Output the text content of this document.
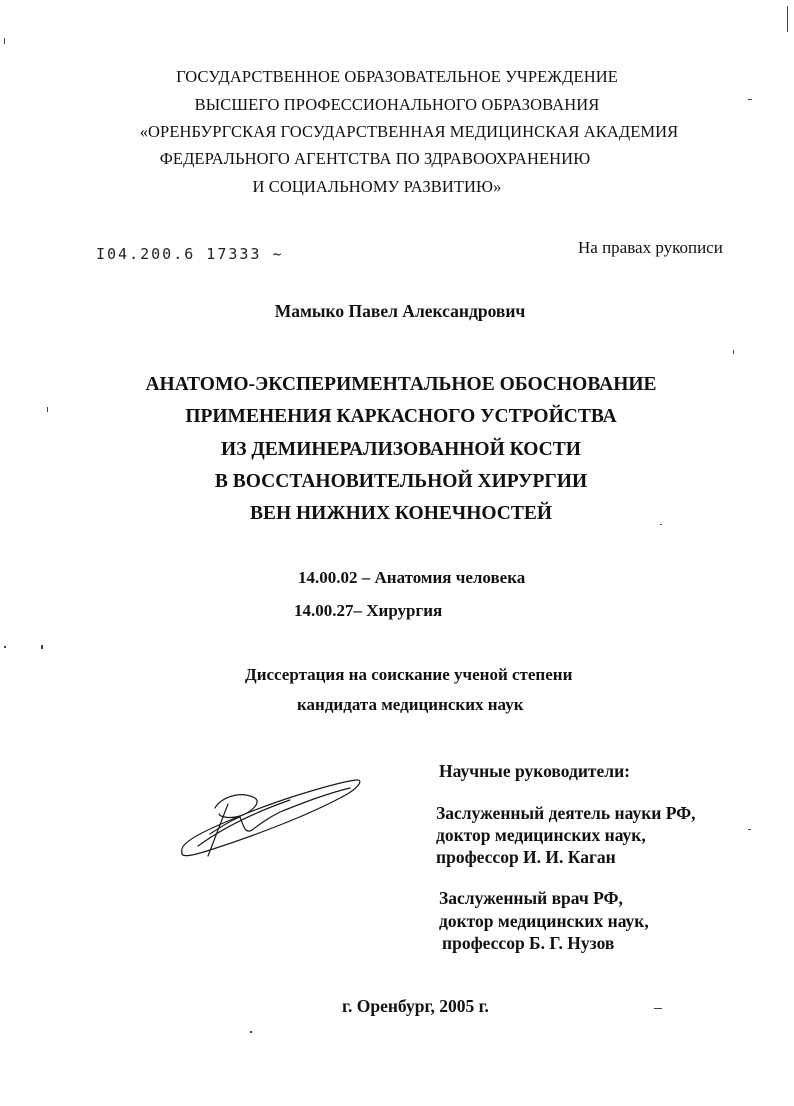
ГОСУДАРСТВЕННОЕ ОБРАЗОВАТЕЛЬНОЕ УЧРЕЖДЕНИЕ
ВЫСШЕГО ПРОФЕССИОНАЛЬНОГО ОБРАЗОВАНИЯ
«ОРЕНБУРГСКАЯ ГОСУДАРСТВЕННАЯ МЕДИЦИНСКАЯ АКАДЕМИЯ
ФЕДЕРАЛЬНОГО АГЕНТСТВА ПО ЗДРАВООХРАНЕНИЮ
И СОЦИАЛЬНОМУ РАЗВИТИЮ»
I04.200.6 17333 ~	На правах рукописи
Мамыко Павел Александрович
АНАТОМО-ЭКСПЕРИМЕНТАЛЬНОЕ ОБОСНОВАНИЕ
ПРИМЕНЕНИЯ КАРКАСНОГО УСТРОЙСТВА
ИЗ ДЕМИНЕРАЛИЗОВАННОЙ КОСТИ
В ВОССТАНОВИТЕЛЬНОЙ ХИРУРГИИ
ВЕН НИЖНИХ КОНЕЧНОСТЕЙ
14.00.02 – Анатомия человека
14.00.27– Хирургия
Диссертация на соискание ученой степени
кандидата медицинских наук
Научные руководители:
Заслуженный деятель науки РФ,
доктор медицинских наук,
профессор И. И. Каган
Заслуженный врач РФ,
доктор медицинских наук,
профессор Б. Г. Нузов
г. Оренбург, 2005 г.
